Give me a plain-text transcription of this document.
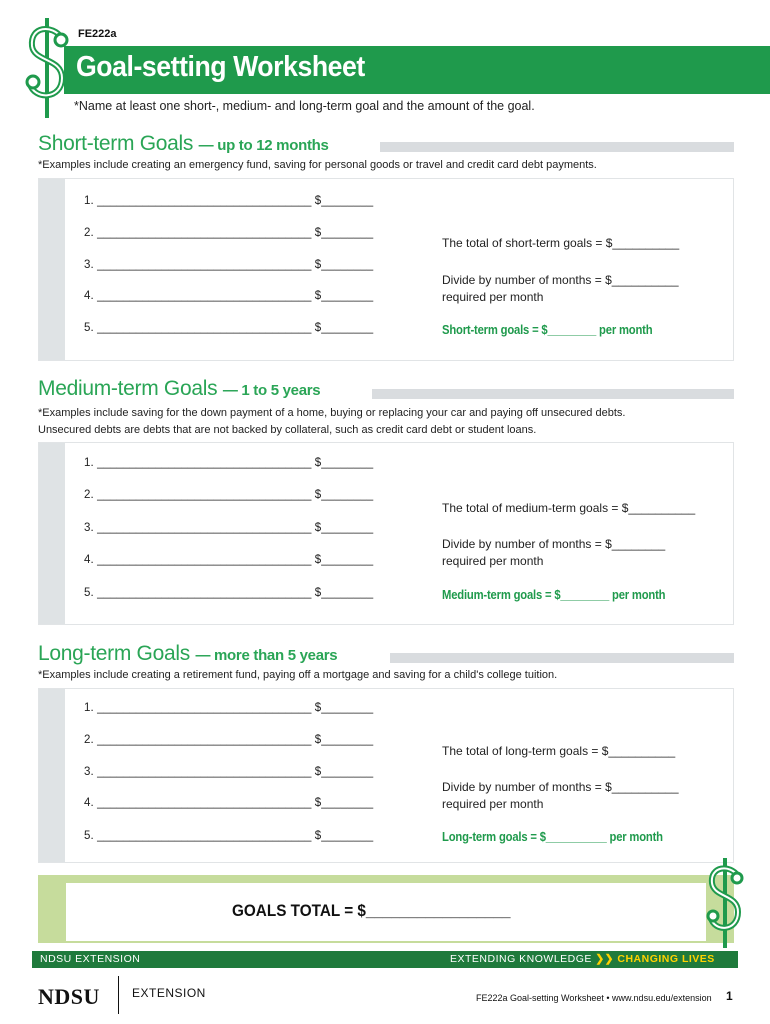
FE222a
Goal-setting Worksheet
*Name at least one short-, medium- and long-term goal and the amount of the goal.
Short-term Goals — up to 12 months
*Examples include creating an emergency fund, saving for personal goods or travel and credit card debt payments.
1. _________________________________ $________
2. _________________________________ $________
3. _________________________________ $________
4. _________________________________ $________
5. _________________________________ $________
The total of short-term goals = $__________
Divide by number of months = $__________
required per month
Short-term goals = $________ per month
Medium-term Goals — 1 to 5 years
*Examples include saving for the down payment of a home, buying or replacing your car and paying off unsecured debts.
Unsecured debts are debts that are not backed by collateral, such as credit card debt or student loans.
1. _________________________________ $________
2. _________________________________ $________
3. _________________________________ $________
4. _________________________________ $________
5. _________________________________ $________
The total of medium-term goals = $__________
Divide by number of months = $________
required per month
Medium-term goals = $________ per month
Long-term Goals — more than 5 years
*Examples include creating a retirement fund, paying off a mortgage and saving for a child's college tuition.
1. _________________________________ $________
2. _________________________________ $________
3. _________________________________ $________
4. _________________________________ $________
5. _________________________________ $________
The total of long-term goals = $__________
Divide by number of months = $__________
required per month
Long-term goals = $__________ per month
GOALS TOTAL = $_________________
NDSU EXTENSION	EXTENDING KNOWLEDGE ❯❯ CHANGING LIVES
NDSU	EXTENSION	FE222a Goal-setting Worksheet • www.ndsu.edu/extension 1
